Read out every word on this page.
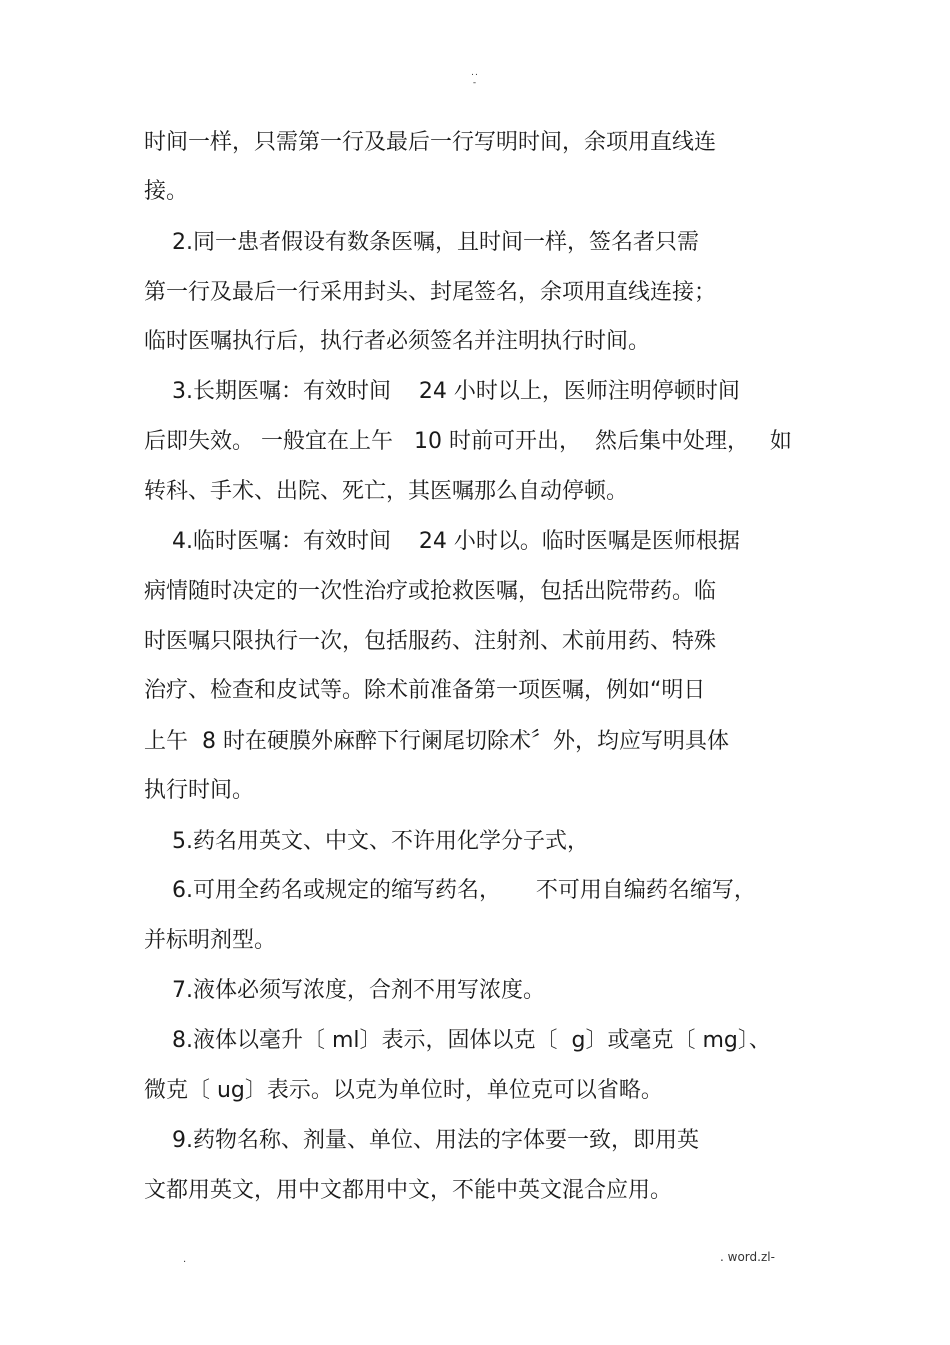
..
-
时间一样，只需第一行及最后一行写明时间，余项用直线连
接。
2.同一患者假设有数条医嘱，且时间一样，签名者只需
第一行及最后一行采用封头、封尾签名，余项用直线连接；
临时医嘱执行后，执行者必须签名并注明执行时间。
3.长期医嘱：有效时间    24 小时以上，医师注明停顿时间
后即失效。 一般宜在上午   10 时前可开出，  然后集中处理，   如
转科、手术、出院、死亡，其医嘱那么自动停顿。
4.临时医嘱：有效时间    24 小时以。临时医嘱是医师根据
病情随时决定的一次性治疗或抢救医嘱，包括出院带药。临
时医嘱只限执行一次，包括服药、注射剂、术前用药、特殊
治疗、检查和皮试等。除术前准备第一项医嘱，例如“明日
上午  8 时在硬膜外麻醉下行阑尾切除术〞外，均应写明具体
执行时间。
5.药名用英文、中文、不许用化学分子式，
6.可用全药名或规定的缩写药名，     不可用自编药名缩写，
并标明剂型。
7.液体必须写浓度，合剂不用写浓度。
8.液体以毫升〔 ml〕表示，固体以克〔  g〕或毫克〔 mg〕、
微克〔 ug〕表示。以克为单位时，单位克可以省略。
9.药物名称、剂量、单位、用法的字体要一致，即用英
文都用英文，用中文都用中文，不能中英文混合应用。
.	. word.zl-
